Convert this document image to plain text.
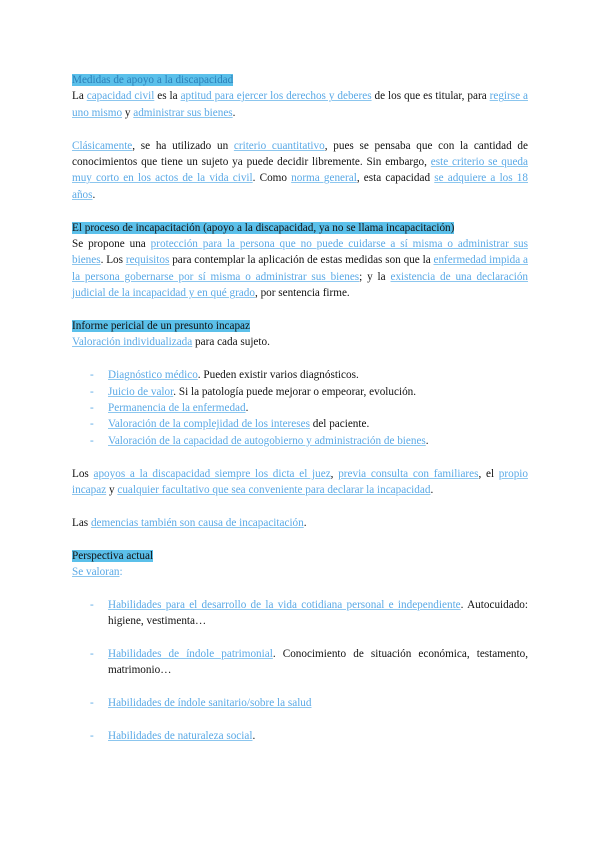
Medidas de apoyo a la discapacidad

La capacidad civil es la aptitud para ejercer los derechos y deberes de los que es titular, para regirse a uno mismo y administrar sus bienes.

Clásicamente, se ha utilizado un criterio cuantitativo, pues se pensaba que con la cantidad de conocimientos que tiene un sujeto ya puede decidir libremente. Sin embargo, este criterio se queda muy corto en los actos de la vida civil. Como norma general, esta capacidad se adquiere a los 18 años.

El proceso de incapacitación (apoyo a la discapacidad, ya no se llama incapacitación)

Se propone una protección para la persona que no puede cuidarse a sí misma o administrar sus bienes. Los requisitos para contemplar la aplicación de estas medidas son que la enfermedad impida a la persona gobernarse por sí misma o administrar sus bienes; y la existencia de una declaración judicial de la incapacidad y en qué grado, por sentencia firme.

Informe pericial de un presunto incapaz

Valoración individualizada para cada sujeto.

- Diagnóstico médico. Pueden existir varios diagnósticos.
- Juicio de valor. Si la patología puede mejorar o empeorar, evolución.
- Permanencia de la enfermedad.
- Valoración de la complejidad de los intereses del paciente.
- Valoración de la capacidad de autogobierno y administración de bienes.

Los apoyos a la discapacidad siempre los dicta el juez, previa consulta con familiares, el propio incapaz y cualquier facultativo que sea conveniente para declarar la incapacidad.

Las demencias también son causa de incapacitación.

Perspectiva actual

Se valoran:

- Habilidades para el desarrollo de la vida cotidiana personal e independiente. Autocuidado: higiene, vestimenta…
- Habilidades de índole patrimonial. Conocimiento de situación económica, testamento, matrimonio…
- Habilidades de índole sanitario/sobre la salud
- Habilidades de naturaleza social.
